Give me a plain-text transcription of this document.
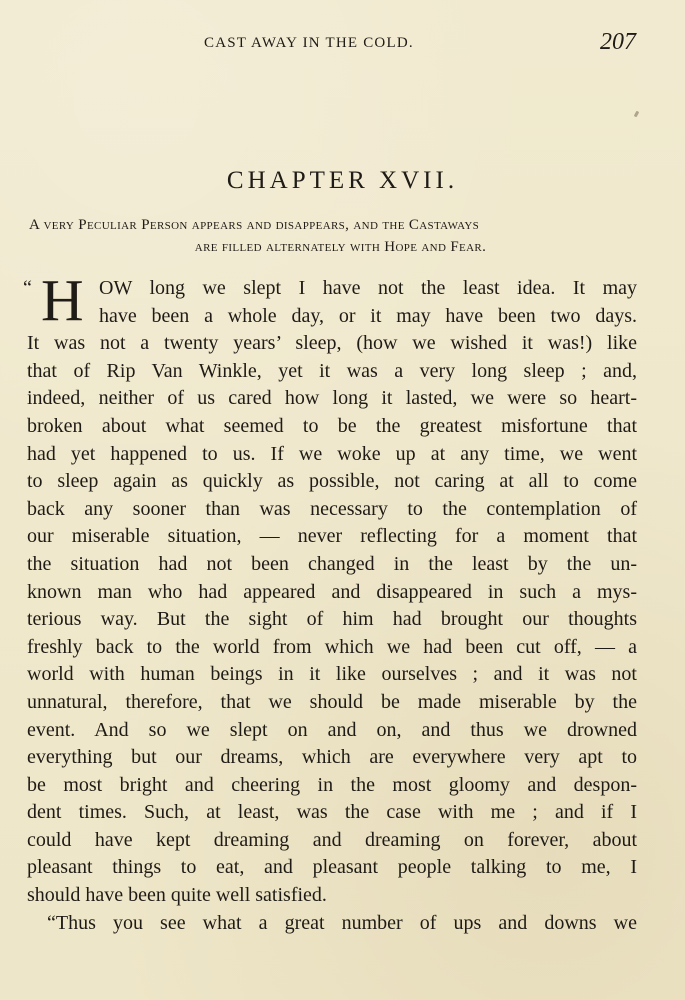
CAST AWAY IN THE COLD.	207
CHAPTER XVII.
A very Peculiar Person appears and disappears, and the Castaways
are filled alternately with Hope and Fear.
“ H OW long we slept I have not the least idea. It may
have been a whole day, or it may have been two days.
It was not a twenty years’ sleep, (how we wished it was!) like
that of Rip Van Winkle, yet it was a very long sleep ; and,
indeed, neither of us cared how long it lasted, we were so heart-
broken about what seemed to be the greatest misfortune that
had yet happened to us. If we woke up at any time, we went
to sleep again as quickly as possible, not caring at all to come
back any sooner than was necessary to the contemplation of
our miserable situation, — never reflecting for a moment that
the situation had not been changed in the least by the un-
known man who had appeared and disappeared in such a mys-
terious way. But the sight of him had brought our thoughts
freshly back to the world from which we had been cut off, — a
world with human beings in it like ourselves ; and it was not
unnatural, therefore, that we should be made miserable by the
event. And so we slept on and on, and thus we drowned
everything but our dreams, which are everywhere very apt to
be most bright and cheering in the most gloomy and despon-
dent times. Such, at least, was the case with me ; and if I
could have kept dreaming and dreaming on forever, about
pleasant things to eat, and pleasant people talking to me, I
should have been quite well satisfied.
“Thus you see what a great number of ups and downs we
